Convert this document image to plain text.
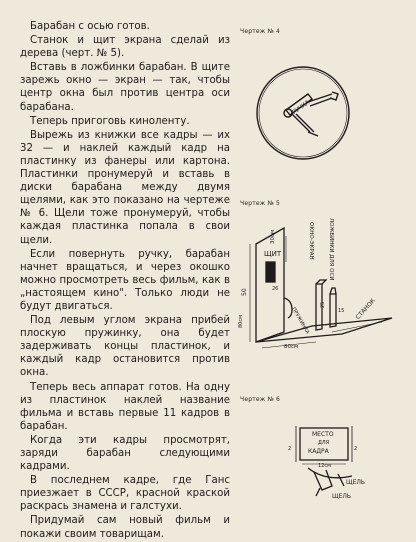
Барабан с осью готов.

Станок и щит экрана сделай из дерева (черт. № 5).

Вставь в ложбинки барабан. В щите зарежь окно — экран — так, чтобы центр окна был против центра оси барабана.

Теперь пригоговь киноленту.

Вырежь из книжки все кадры — их 32 — и наклей каждый кадр на пластинку из фанеры или картона. Пластинки пронумеруй и вставь в диски барабана между двумя щелями, как это показано на чертеже № 6. Щели тоже пронумеруй, чтобы каждая пластинка попала в свои щели.

Если повернуть ручку, барабан начнет вращаться, и через окошко можно просмотреть весь фильм, как в „настоящем кино". Только люди не будут двигаться.

Под левым углом экрана прибей плоскую пружинку, она будет задерживать концы пластинок, и каждый кадр остановится против окна.

Теперь весь аппарат готов. На одну из пластинок наклей название фильма и вставь первые 11 кадров в барабан.

Когда эти кадры просмотрят, заряди барабан следующими кадрами.

В последнем кадре, где Ганс приезжает в СССР, красной краской раскрась знамена и галстухи.

Придумай сам новый фильм и покажи своим товарищам.

Чертеж № 4
РУЧКА
Чертеж № 5
ЩИТ
30см
26
50
80см
80см
25
15
ОКНО-ЭКРАН	ЛОЖБИНКИ ДЛЯ ОСИ
ПРУЖИНКА	СТАНОК
Чертеж № 6
МЕСТО
ДЛЯ
КАДРА
12см
2	2
ЩЕЛЬ
ЩЕЛЬ
